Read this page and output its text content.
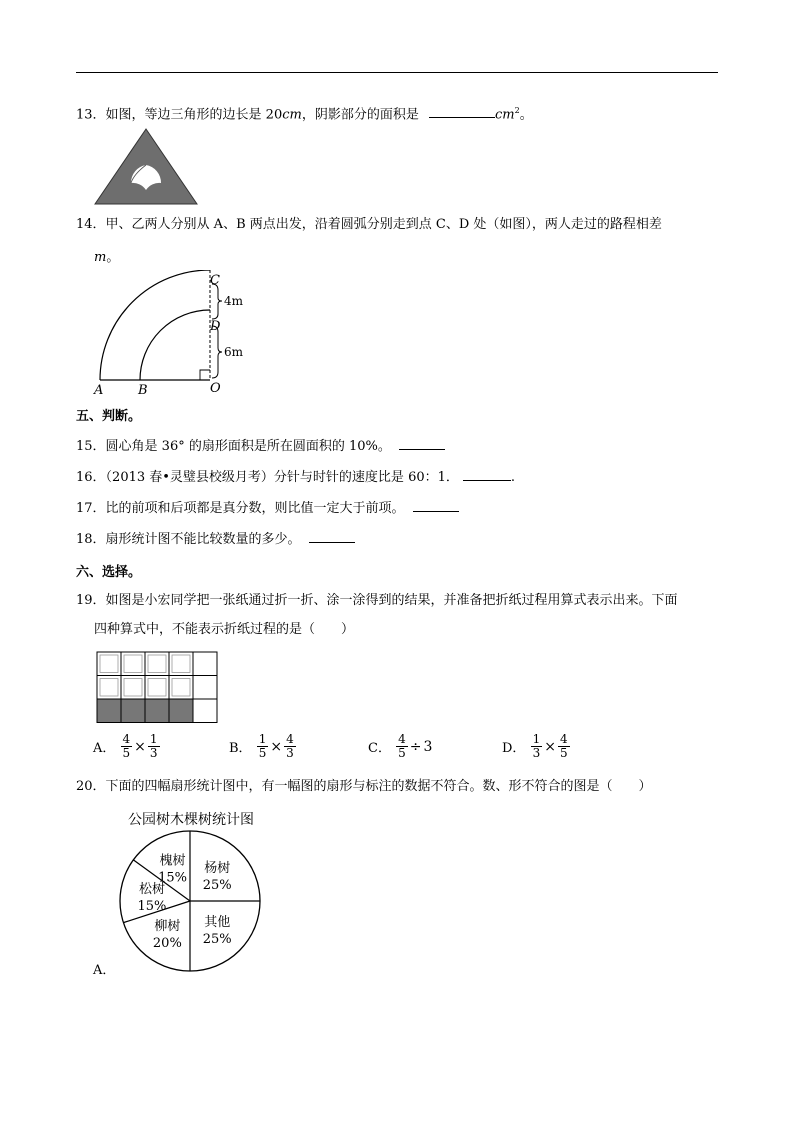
13．如图，等边三角形的边长是 20cm，阴影部分的面积是	$cm^2$。
14．甲、乙两人分别从 A、B 两点出发，沿着圆弧分别走到点 C、D 处（如图），两人走过的路程相差
m。
C
D
4m
6m
A	B	O
五、判断。
15．圆心角是 36° 的扇形面积是所在圆面积的 10%。
16．（2013 春•灵璧县校级月考）分针与时针的速度比是 60：1．	.
17．比的前项和后项都是真分数，则比值一定大于前项。
18．扇形统计图不能比较数量的多少。
六、选择。
19．如图是小宏同学把一张纸通过折一折、涂一涂得到的结果，并准备把折纸过程用算式表示出来。下面
四种算式中，不能表示折纸过程的是（　　）
A． $\frac{4}{5} \times \frac{1}{3}$	B． $\frac{1}{5} \times \frac{4}{3}$	C． $\frac{4}{5} \div 3$	D． $\frac{1}{3} \times \frac{4}{5}$
20．下面的四幅扇形统计图中，有一幅图的扇形与标注的数据不符合。数、形不符合的图是（　　）
公园树木棵树统计图
杨树
25%
其他
25%
柳树
20%
松树
15%
槐树
15%
A．
